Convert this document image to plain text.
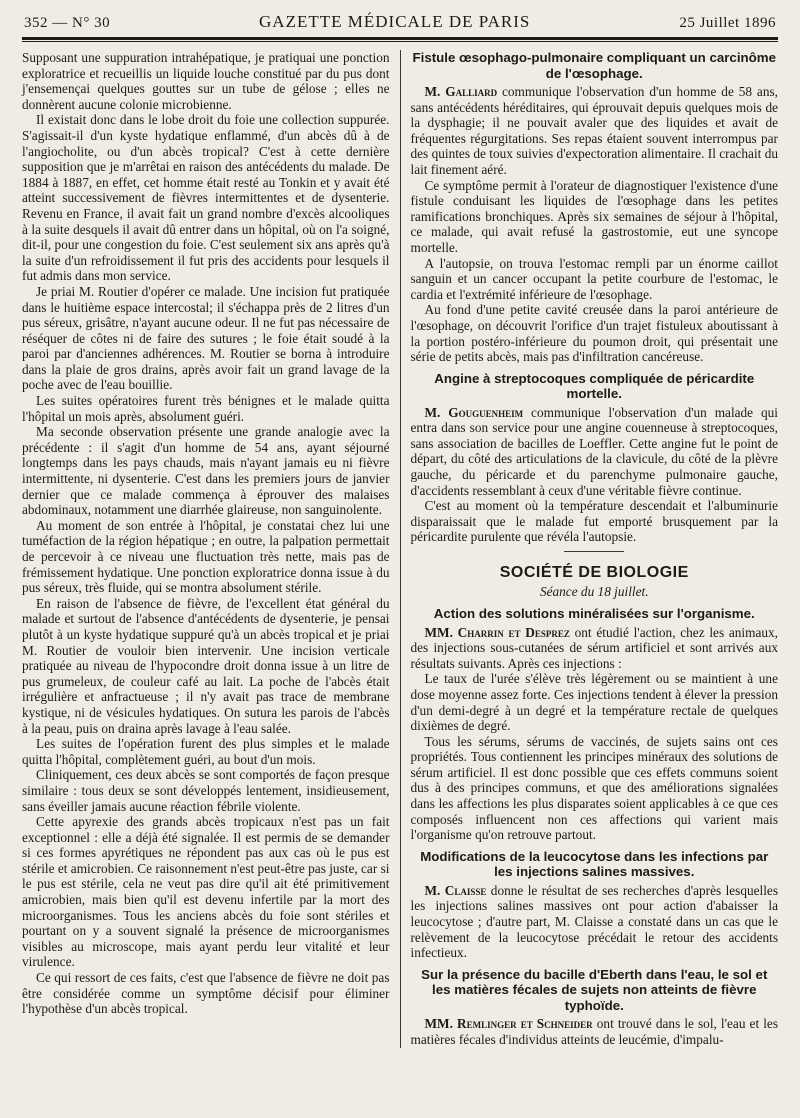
352 — N° 30	GAZETTE MÉDICALE DE PARIS	25 Juillet 1896

Supposant une suppuration intrahépatique, je pratiquai une ponction exploratrice et recueillis un liquide louche constitué par du pus dont j'ensemençai quelques gouttes sur un tube de gélose ; elles ne donnèrent aucune colonie microbienne.

Il existait donc dans le lobe droit du foie une collection suppurée. S'agissait-il d'un kyste hydatique enflammé, d'un abcès dû à de l'angiocholite, ou d'un abcès tropical? C'est à cette dernière supposition que je m'arrêtai en raison des antécédents du malade. De 1884 à 1887, en effet, cet homme était resté au Tonkin et y avait été atteint successivement de fièvres intermittentes et de dysenterie. Revenu en France, il avait fait un grand nombre d'excès alcooliques à la suite desquels il avait dû entrer dans un hôpital, où on l'a soigné, dit-il, pour une congestion du foie. C'est seulement six ans après qu'à la suite d'un refroidissement il fut pris des accidents pour lesquels il fut admis dans mon service.

Je priai M. Routier d'opérer ce malade. Une incision fut pratiquée dans le huitième espace intercostal; il s'échappa près de 2 litres d'un pus séreux, grisâtre, n'ayant aucune odeur. Il ne fut pas nécessaire de réséquer de côtes ni de faire des sutures ; le foie était soudé à la paroi par d'anciennes adhérences. M. Routier se borna à introduire dans la plaie de gros drains, après avoir fait un grand lavage de la poche avec de l'eau bouillie.

Les suites opératoires furent très bénignes et le malade quitta l'hôpital un mois après, absolument guéri.

Ma seconde observation présente une grande analogie avec la précédente : il s'agit d'un homme de 54 ans, ayant séjourné longtemps dans les pays chauds, mais n'ayant jamais eu ni fièvre intermittente, ni dysenterie. C'est dans les premiers jours de janvier dernier que ce malade commença à éprouver des malaises abdominaux, notamment une diarrhée glaireuse, non sanguinolente.

Au moment de son entrée à l'hôpital, je constatai chez lui une tuméfaction de la région hépatique ; en outre, la palpation permettait de percevoir à ce niveau une fluctuation très nette, mais pas de frémissement hydatique. Une ponction exploratrice donna issue à du pus séreux, très fluide, qui se montra absolument stérile.

En raison de l'absence de fièvre, de l'excellent état général du malade et surtout de l'absence d'antécédents de dysenterie, je pensai plutôt à un kyste hydatique suppuré qu'à un abcès tropical et je priai M. Routier de vouloir bien intervenir. Une incision verticale pratiquée au niveau de l'hypocondre droit donna issue à un litre de pus grumeleux, de couleur café au lait. La poche de l'abcès était irrégulière et anfractueuse ; il n'y avait pas trace de membrane kystique, ni de vésicules hydatiques. On sutura les parois de l'abcès à la peau, puis on draina après lavage à l'eau salée.

Les suites de l'opération furent des plus simples et le malade quitta l'hôpital, complètement guéri, au bout d'un mois.

Cliniquement, ces deux abcès se sont comportés de façon presque similaire : tous deux se sont développés lentement, insidieusement, sans éveiller jamais aucune réaction fébrile violente.

Cette apyrexie des grands abcès tropicaux n'est pas un fait exceptionnel : elle a déjà été signalée. Il est permis de se demander si ces formes apyrétiques ne répondent pas aux cas où le pus est stérile et amicrobien. Ce raisonnement n'est peut-être pas juste, car si le pus est stérile, cela ne veut pas dire qu'il ait été primitivement amicrobien, mais bien qu'il est devenu infertile par la mort des microorganismes. Tous les anciens abcès du foie sont stériles et pourtant on y a souvent signalé la présence de microorganismes visibles au microscope, mais ayant perdu leur vitalité et leur virulence.

Ce qui ressort de ces faits, c'est que l'absence de fièvre ne doit pas être considérée comme un symptôme décisif pour éliminer l'hypothèse d'un abcès tropical.

Fistule œsophago-pulmonaire compliquant un carcinôme de l'œsophage.

M. Galliard communique l'observation d'un homme de 58 ans, sans antécédents héréditaires, qui éprouvait depuis quelques mois de la dysphagie; il ne pouvait avaler que des liquides et avait de fréquentes régurgitations. Ses repas étaient souvent interrompus par des quintes de toux suivies d'expectoration alimentaire. Il crachait du lait finement aéré.

Ce symptôme permit à l'orateur de diagnostiquer l'existence d'une fistule conduisant les liquides de l'œsophage dans les petites ramifications bronchiques. Après six semaines de séjour à l'hôpital, ce malade, qui avait refusé la gastrostomie, eut une syncope mortelle.

A l'autopsie, on trouva l'estomac rempli par un énorme caillot sanguin et un cancer occupant la petite courbure de l'estomac, le cardia et l'extrémité inférieure de l'œsophage.

Au fond d'une petite cavité creusée dans la paroi antérieure de l'œsophage, on découvrit l'orifice d'un trajet fistuleux aboutissant à la portion postéro-inférieure du poumon droit, qui présentait une série de petits abcès, mais pas d'infiltration cancéreuse.

Angine à streptocoques compliquée de péricardite mortelle.

M. Gouguenheim communique l'observation d'un malade qui entra dans son service pour une angine couenneuse à streptocoques, sans association de bacilles de Loeffler. Cette angine fut le point de départ, du côté des articulations de la clavicule, du côté de la plèvre gauche, du péricarde et du parenchyme pulmonaire gauche, d'accidents ressemblant à ceux d'une véritable fièvre continue.

C'est au moment où la température descendait et l'albuminurie disparaissait que le malade fut emporté brusquement par la péricardite purulente que révéla l'autopsie.

SOCIÉTÉ DE BIOLOGIE
Séance du 18 juillet.
Action des solutions minéralisées sur l'organisme.

MM. Charrin et Desprez ont étudié l'action, chez les animaux, des injections sous-cutanées de sérum artificiel et sont arrivés aux résultats suivants. Après ces injections :

Le taux de l'urée s'élève très légèrement ou se maintient à une dose moyenne assez forte. Ces injections tendent à élever la pression d'un demi-degré à un degré et la température rectale de quelques dixièmes de degré.

Tous les sérums, sérums de vaccinés, de sujets sains ont ces propriétés. Tous contiennent les principes minéraux des solutions de sérum artificiel. Il est donc possible que ces effets communs soient dus à des principes communs, et que des améliorations signalées dans les affections les plus disparates soient applicables à ce que ces composés influencent non ces affections qui varient mais l'organisme qu'on retrouve partout.

Modifications de la leucocytose dans les infections par les injections salines massives.

M. Claisse donne le résultat de ses recherches d'après lesquelles les injections salines massives ont pour action d'abaisser la leucocytose ; d'autre part, M. Claisse a constaté dans un cas que le relèvement de la leucocytose précédait le retour des accidents infectieux.

Sur la présence du bacille d'Eberth dans l'eau, le sol et les matières fécales de sujets non atteints de fièvre typhoïde.

MM. Remlinger et Schneider ont trouvé dans le sol, l'eau et les matières fécales d'individus atteints de leucémie, d'impalu-
